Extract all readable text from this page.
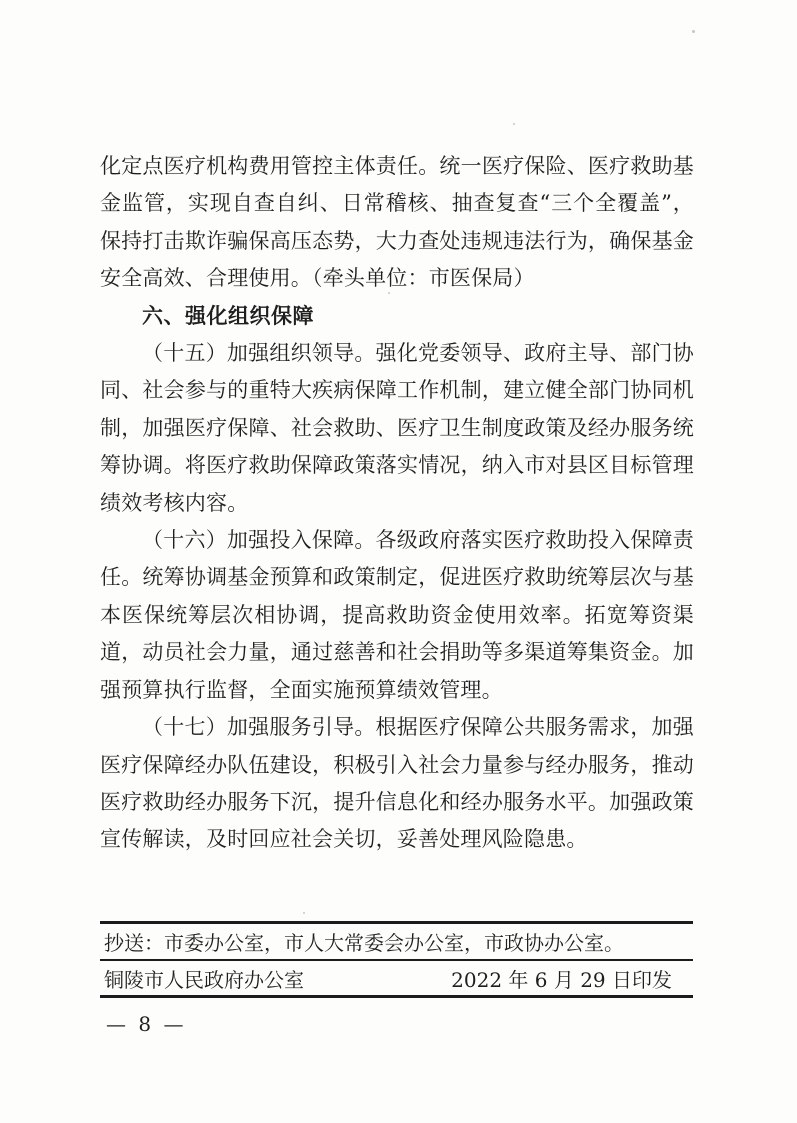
化定点医疗机构费用管控主体责任。统一医疗保险、医疗救助基金监管，实现自查自纠、日常稽核、抽查复查“三个全覆盖”，保持打击欺诈骗保高压态势，大力查处违规违法行为，确保基金安全高效、合理使用。（牵头单位：市医保局）

六、强化组织保障

（十五）加强组织领导。强化党委领导、政府主导、部门协同、社会参与的重特大疾病保障工作机制，建立健全部门协同机制，加强医疗保障、社会救助、医疗卫生制度政策及经办服务统筹协调。将医疗救助保障政策落实情况，纳入市对县区目标管理绩效考核内容。

（十六）加强投入保障。各级政府落实医疗救助投入保障责任。统筹协调基金预算和政策制定，促进医疗救助统筹层次与基本医保统筹层次相协调，提高救助资金使用效率。拓宽筹资渠道，动员社会力量，通过慈善和社会捐助等多渠道筹集资金。加强预算执行监督，全面实施预算绩效管理。

（十七）加强服务引导。根据医疗保障公共服务需求，加强医疗保障经办队伍建设，积极引入社会力量参与经办服务，推动医疗救助经办服务下沉，提升信息化和经办服务水平。加强政策宣传解读，及时回应社会关切，妥善处理风险隐患。

抄送：市委办公室，市人大常委会办公室，市政协办公室。
铜陵市人民政府办公室	2022 年 6 月 29 日印发
— 8 —
